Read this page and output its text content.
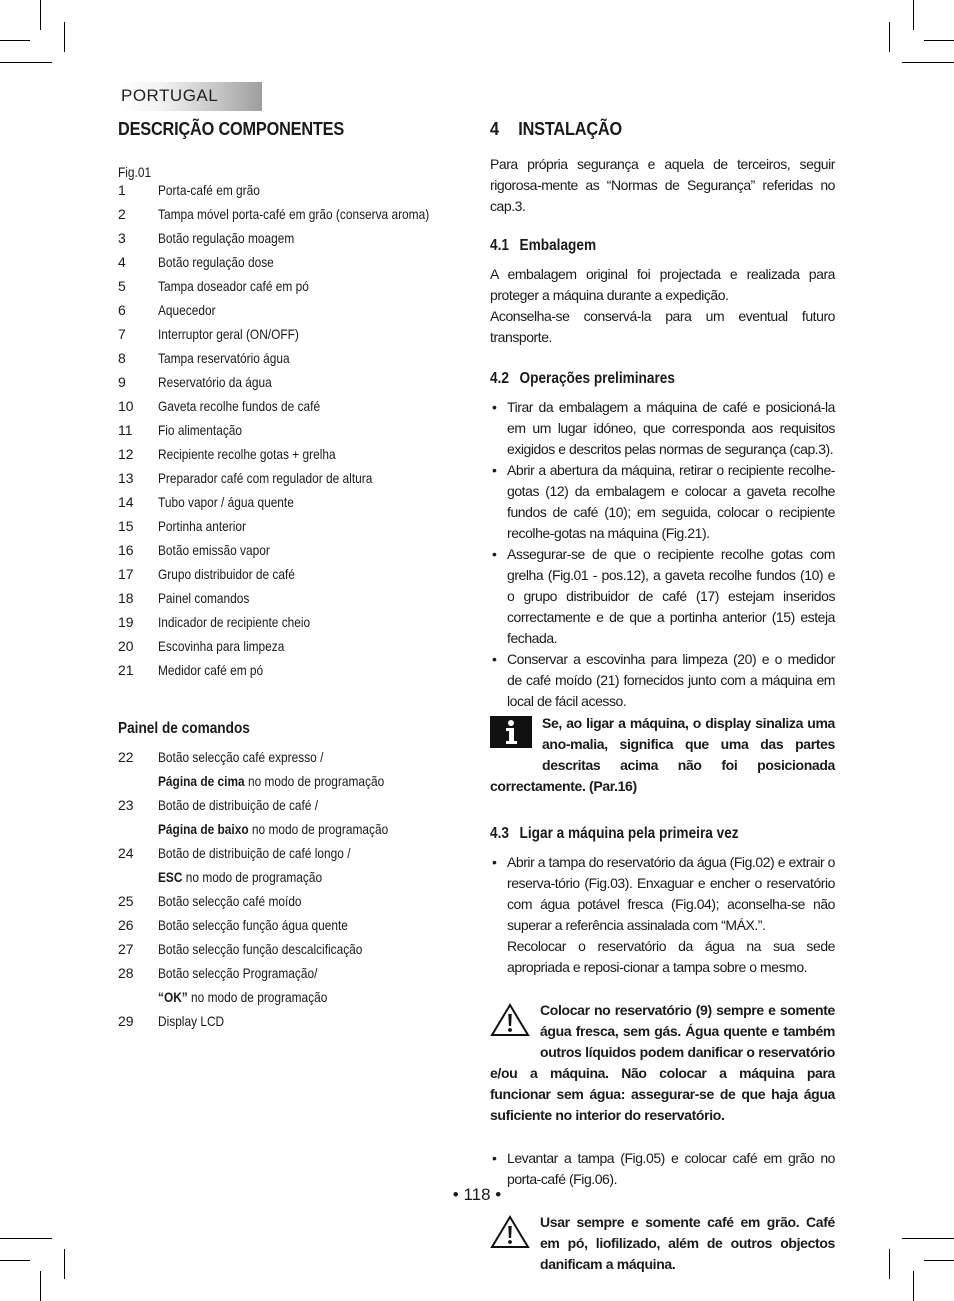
PORTUGAL
DESCRIÇÃO COMPONENTES
Fig.01
1	Porta-café em grão
2	Tampa móvel porta-café em grão (conserva aroma)
3	Botão regulação moagem
4	Botão regulação dose
5	Tampa doseador café em pó
6	Aquecedor
7	Interruptor geral (ON/OFF)
8	Tampa reservatório água
9	Reservatório da água
10	Gaveta recolhe fundos de café
11	Fio alimentação
12	Recipiente recolhe gotas + grelha
13	Preparador café com regulador de altura
14	Tubo vapor / água quente
15	Portinha anterior
16	Botão emissão vapor
17	Grupo distribuidor de café
18	Painel comandos
19	Indicador de recipiente cheio
20	Escovinha para limpeza
21	Medidor café em pó
Painel de comandos
22	Botão selecção café expresso /
Página de cima no modo de programação
23	Botão de distribuição de café /
Página de baixo no modo de programação
24	Botão de distribuição de café longo /
ESC no modo de programação
25	Botão selecção café moído
26	Botão selecção função água quente
27	Botão selecção função descalcificação
28	Botão selecção Programação/
“OK” no modo de programação
29	Display LCD
4 INSTALAÇÃO
Para própria segurança e aquela de terceiros, seguir rigorosa-mente as “Normas de Segurança” referidas no cap.3.
4.1 Embalagem
A embalagem original foi projectada e realizada para proteger a máquina durante a expedição.
Aconselha-se conservá-la para um eventual futuro transporte.
4.2 Operações preliminares
• Tirar da embalagem a máquina de café e posicioná-la em um lugar idóneo, que corresponda aos requisitos exigidos e descritos pelas normas de segurança (cap.3).
• Abrir a abertura da máquina, retirar o recipiente recolhe-gotas (12) da embalagem e colocar a gaveta recolhe fundos de café (10); em seguida, colocar o recipiente recolhe-gotas na máquina (Fig.21).
• Assegurar-se de que o recipiente recolhe gotas com grelha (Fig.01 - pos.12), a gaveta recolhe fundos (10) e o grupo distribuidor de café (17) estejam inseridos correctamente e de que a portinha anterior (15) esteja fechada.
• Conservar a escovinha para limpeza (20) e o medidor de café moído (21) fornecidos junto com a máquina em local de fácil acesso.
Se, ao ligar a máquina, o display sinaliza uma ano-malia, significa que uma das partes descritas acima não foi posicionada correctamente. (Par.16)
4.3 Ligar a máquina pela primeira vez
• Abrir a tampa do reservatório da água (Fig.02) e extrair o reserva-tório (Fig.03). Enxaguar e encher o reservatório com água potável fresca (Fig.04); aconselha-se não superar a referência assinalada com “MÁX.”.
Recolocar o reservatório da água na sua sede apropriada e reposi-cionar a tampa sobre o mesmo.
Colocar no reservatório (9) sempre e somente água fresca, sem gás. Água quente e também outros líquidos podem danificar o reservatório e/ou a máquina. Não colocar a máquina para funcionar sem água: assegurar-se de que haja água suficiente no interior do reservatório.
• Levantar a tampa (Fig.05) e colocar café em grão no porta-café (Fig.06).
Usar sempre e somente café em grão. Café em pó, liofilizado, além de outros objectos danificam a máquina.
• 118 •
